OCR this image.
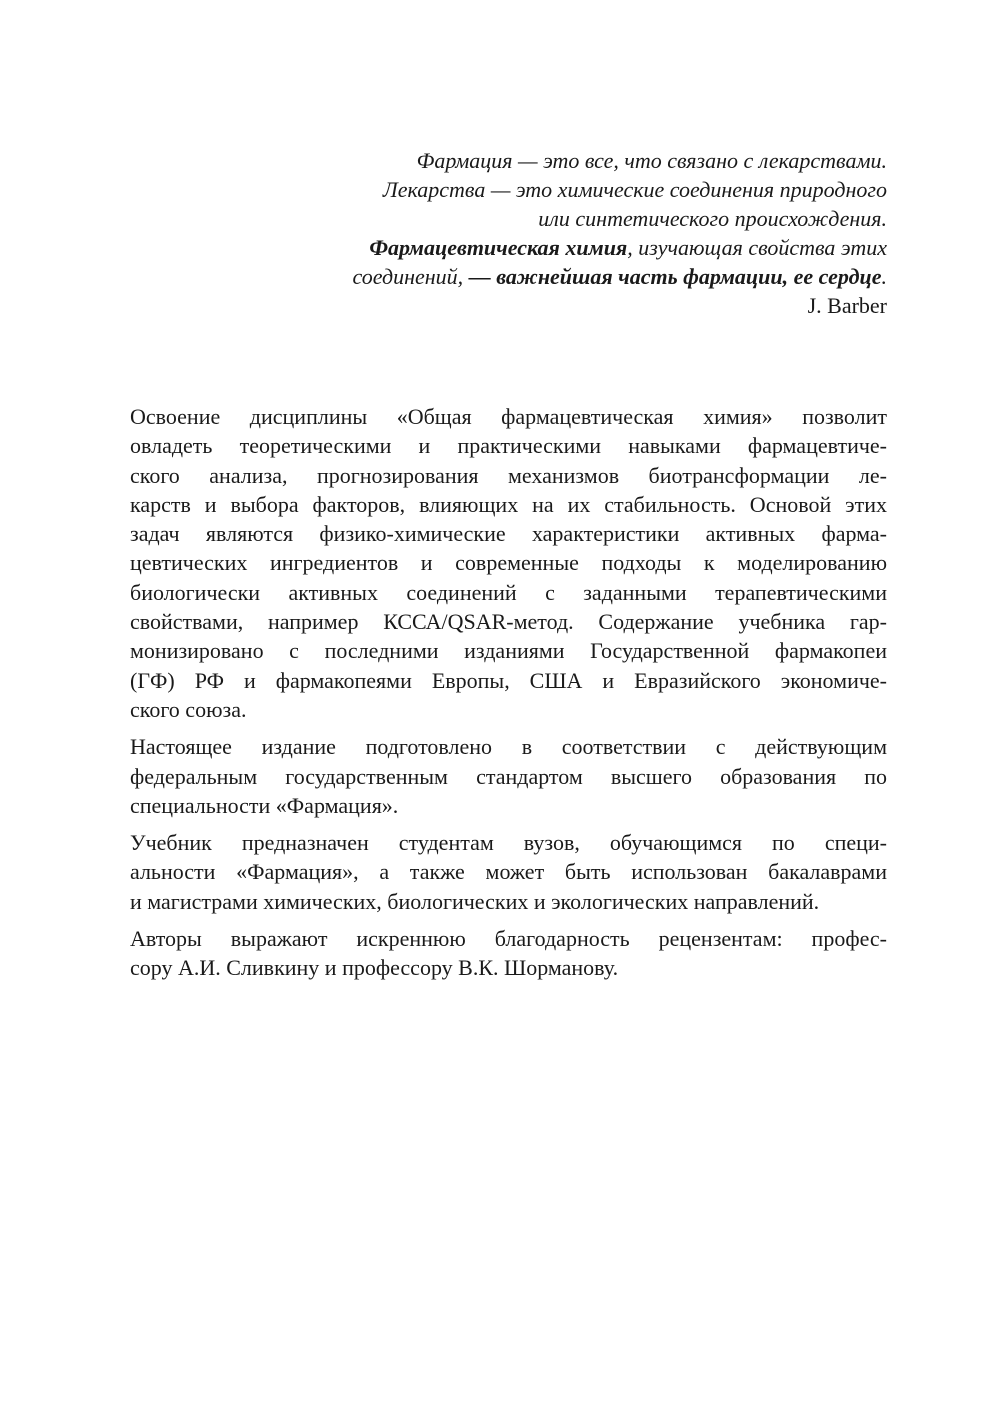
Фармация — это все, что связано с лекарствами.
Лекарства — это химические соединения природного
или синтетического происхождения.
Фармацевтическая химия, изучающая свойства этих
соединений, — важнейшая часть фармации, ее сердце.
J. Barber
Освоение дисциплины «Общая фармацевтическая химия» позволит
овладеть теоретическими и практическими навыками фармацевтиче-
ского анализа, прогнозирования механизмов биотрансформации ле-
карств и выбора факторов, влияющих на их стабильность. Основой этих
задач являются физико-химические характеристики активных фарма-
цевтических ингредиентов и современные подходы к моделированию
биологически активных соединений с заданными терапевтическими
свойствами, например КССА/QSAR-метод. Содержание учебника гар-
монизировано с последними изданиями Государственной фармакопеи
(ГФ) РФ и фармакопеями Европы, США и Евразийского экономиче-
ского союза.
Настоящее издание подготовлено в соответствии с действующим
федеральным государственным стандартом высшего образования по
специальности «Фармация».
Учебник предназначен студентам вузов, обучающимся по специ-
альности «Фармация», а также может быть использован бакалаврами
и магистрами химических, биологических и экологических направлений.
Авторы выражают искреннюю благодарность рецензентам: профес-
сору А.И. Сливкину и профессору В.К. Шорманову.
